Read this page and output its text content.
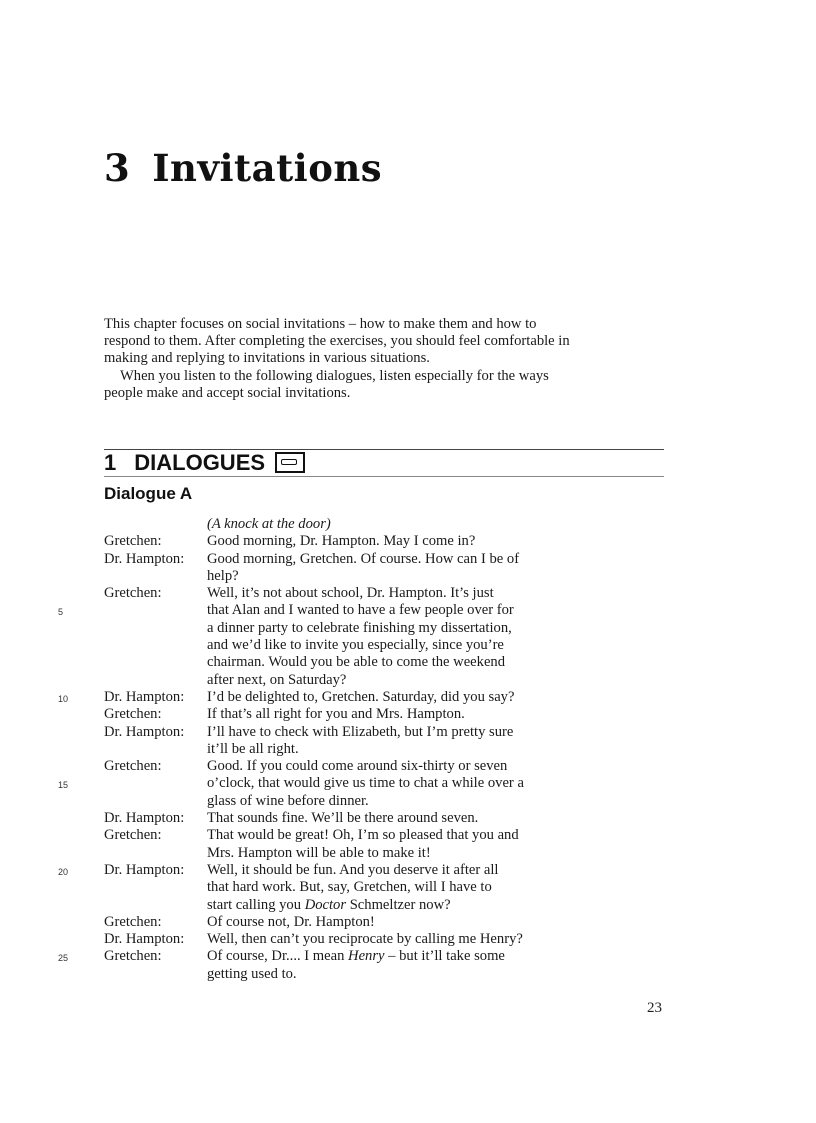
3 Invitations

This chapter focuses on social invitations – how to make them and how to respond to them. After completing the exercises, you should feel comfortable in making and replying to invitations in various situations.

When you listen to the following dialogues, listen especially for the ways people make and accept social invitations.

1 DIALOGUES
Dialogue A
(A knock at the door)
Gretchen:	Good morning, Dr. Hampton. May I come in?
Dr. Hampton: Good morning, Gretchen. Of course. How can I be of
help?
Gretchen:	Well, it’s not about school, Dr. Hampton. It’s just
5	that Alan and I wanted to have a few people over for
a dinner party to celebrate finishing my dissertation,
and we’d like to invite you especially, since you’re
chairman. Would you be able to come the weekend
after next, on Saturday?
10 Dr. Hampton: I’d be delighted to, Gretchen. Saturday, did you say?
Gretchen:	If that’s all right for you and Mrs. Hampton.
Dr. Hampton: I’ll have to check with Elizabeth, but I’m pretty sure
it’ll be all right.
Gretchen:	Good. If you could come around six-thirty or seven
15	o’clock, that would give us time to chat a while over a
glass of wine before dinner.
Dr. Hampton: That sounds fine. We’ll be there around seven.
Gretchen:	That would be great! Oh, I’m so pleased that you and
Mrs. Hampton will be able to make it!
20 Dr. Hampton: Well, it should be fun. And you deserve it after all
that hard work. But, say, Gretchen, will I have to
start calling you Doctor Schmeltzer now?
Gretchen:	Of course not, Dr. Hampton!
Dr. Hampton: Well, then can’t you reciprocate by calling me Henry?
25 Gretchen:	Of course, Dr.... I mean Henry – but it’ll take some
getting used to.
23
